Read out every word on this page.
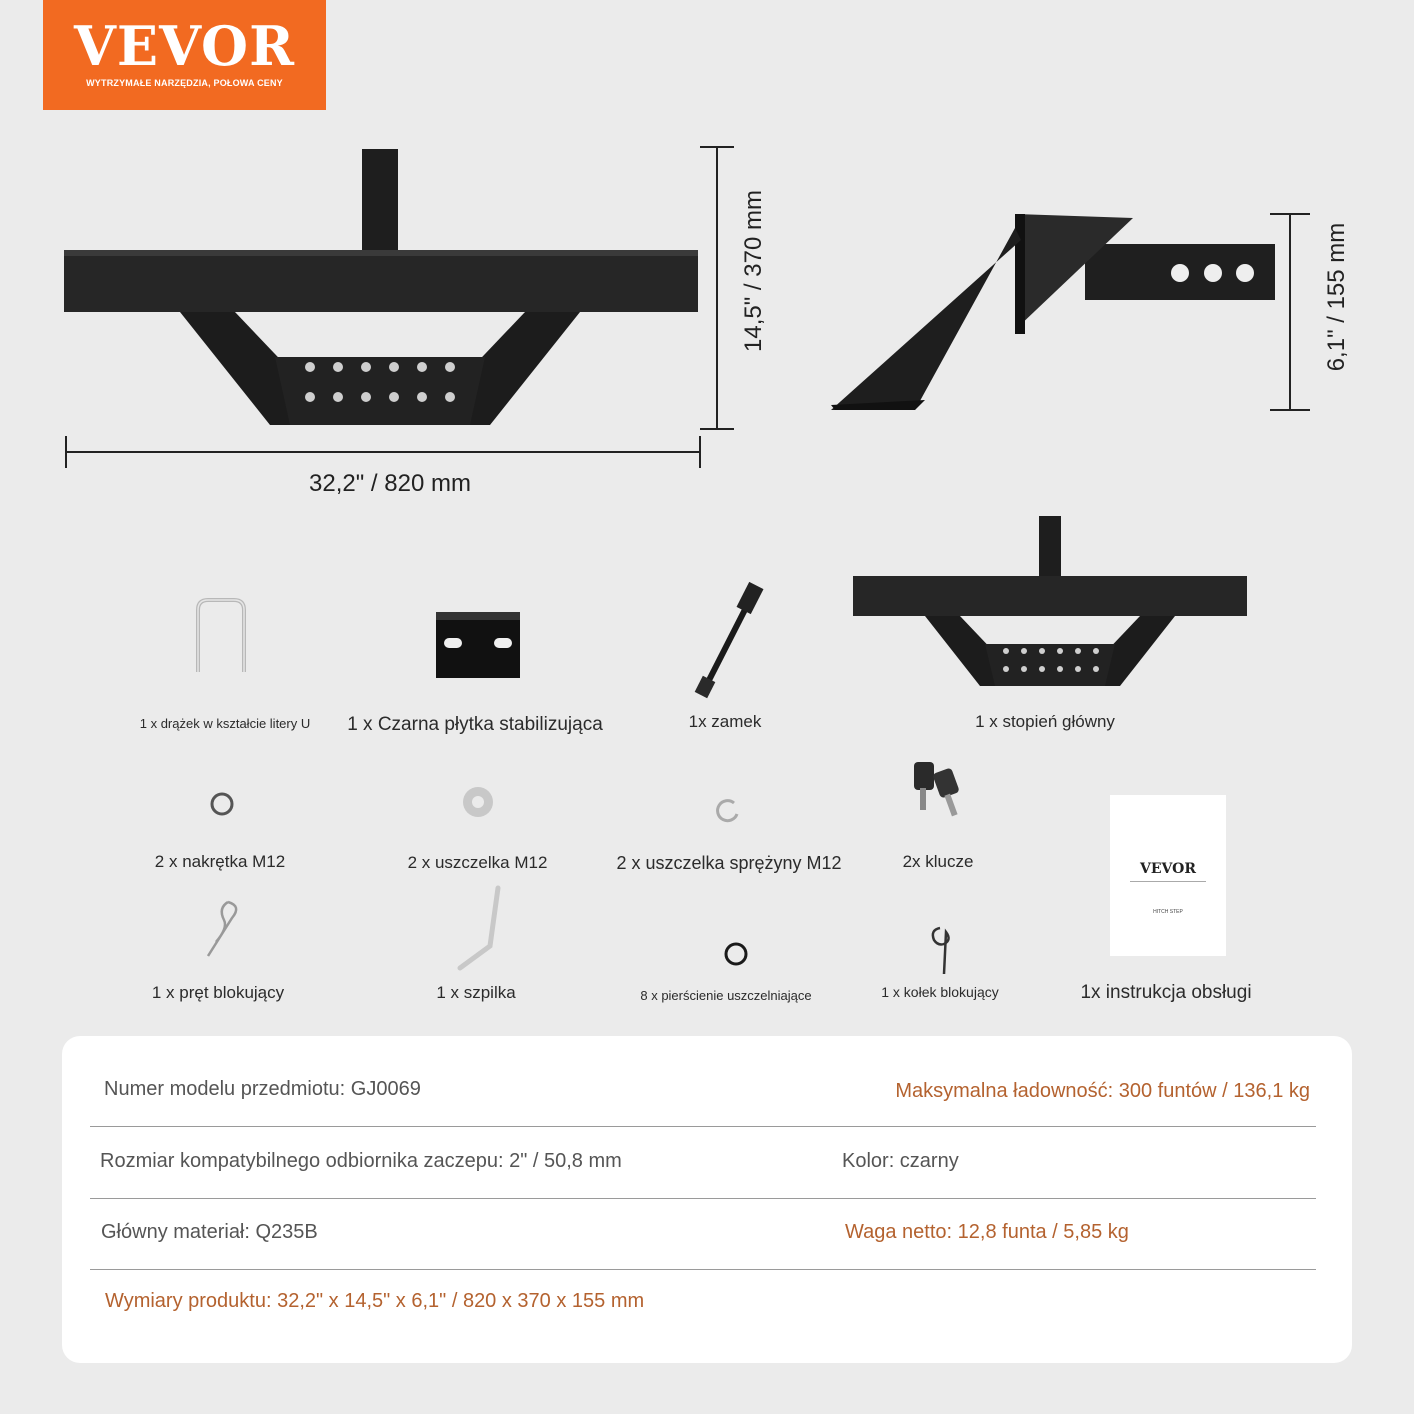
VEVOR
WYTRZYMAŁE NARZĘDZIA, POŁOWA CENY
32,2" / 820 mm
14,5" / 370 mm	6,1" / 155 mm
1 x drążek w kształcie litery U	1 x Czarna płytka stabilizująca	1x zamek	1 x stopień główny
2 x nakrętka M12	2 x uszczelka M12	2 x uszczelka sprężyny M12	2x klucze	VEVOR
HITCH STEP
1 x pręt blokujący	1 x szpilka	8 x pierścienie uszczelniające	1 x kołek blokujący	1x instrukcja obsługi
Numer modelu przedmiotu: GJ0069	Maksymalna ładowność: 300 funtów / 136,1 kg
Rozmiar kompatybilnego odbiornika zaczepu: 2" / 50,8 mm	Kolor: czarny
Główny materiał: Q235B	Waga netto: 12,8 funta / 5,85 kg
Wymiary produktu: 32,2" x 14,5" x 6,1" / 820 x 370 x 155 mm
